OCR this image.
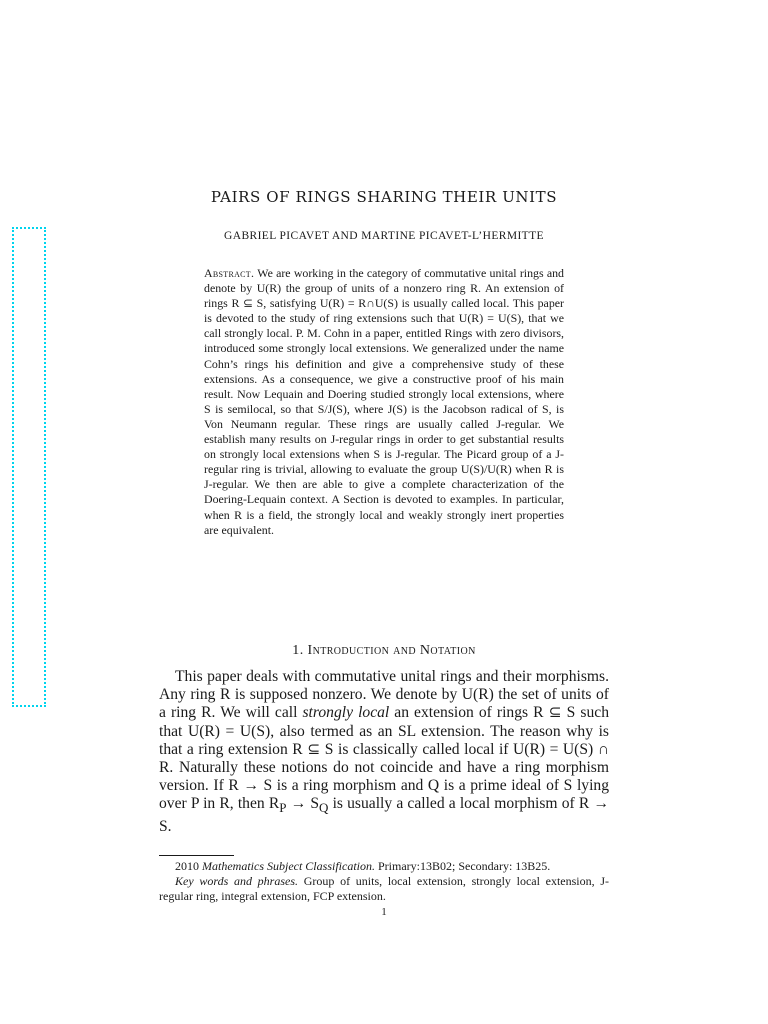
PAIRS OF RINGS SHARING THEIR UNITS
GABRIEL PICAVET AND MARTINE PICAVET-L’HERMITTE

Abstract. We are working in the category of commutative unital rings and denote by U(R) the group of units of a nonzero ring R. An extension of rings R ⊆ S, satisfying U(R) = R∩U(S) is usually called local. This paper is devoted to the study of ring extensions such that U(R) = U(S), that we call strongly local. P. M. Cohn in a paper, entitled Rings with zero divisors, introduced some strongly local extensions. We generalized under the name Cohn’s rings his definition and give a comprehensive study of these extensions. As a consequence, we give a constructive proof of his main result. Now Lequain and Doering studied strongly local extensions, where S is semilocal, so that S/J(S), where J(S) is the Jacobson radical of S, is Von Neumann regular. These rings are usually called J-regular. We establish many results on J-regular rings in order to get substantial results on strongly local extensions when S is J-regular. The Picard group of a J-regular ring is trivial, allowing to evaluate the group U(S)/U(R) when R is J-regular. We then are able to give a complete characterization of the Doering-Lequain context. A Section is devoted to examples. In particular, when R is a field, the strongly local and weakly strongly inert properties are equivalent.

1. Introduction and Notation

This paper deals with commutative unital rings and their morphisms. Any ring R is supposed nonzero. We denote by U(R) the set of units of a ring R. We will call strongly local an extension of rings R ⊆ S such that U(R) = U(S), also termed as an SL extension. The reason why is that a ring extension R ⊆ S is classically called local if U(R) = U(S) ∩ R. Naturally these notions do not coincide and have a ring morphism version. If R → S is a ring morphism and Q is a prime ideal of S lying over P in R, then $R_P \to S_Q$ is usually a called a local morphism of R → S.

2010 Mathematics Subject Classification. Primary:13B02; Secondary: 13B25.

Key words and phrases. Group of units, local extension, strongly local extension, J-regular ring, integral extension, FCP extension.

1
